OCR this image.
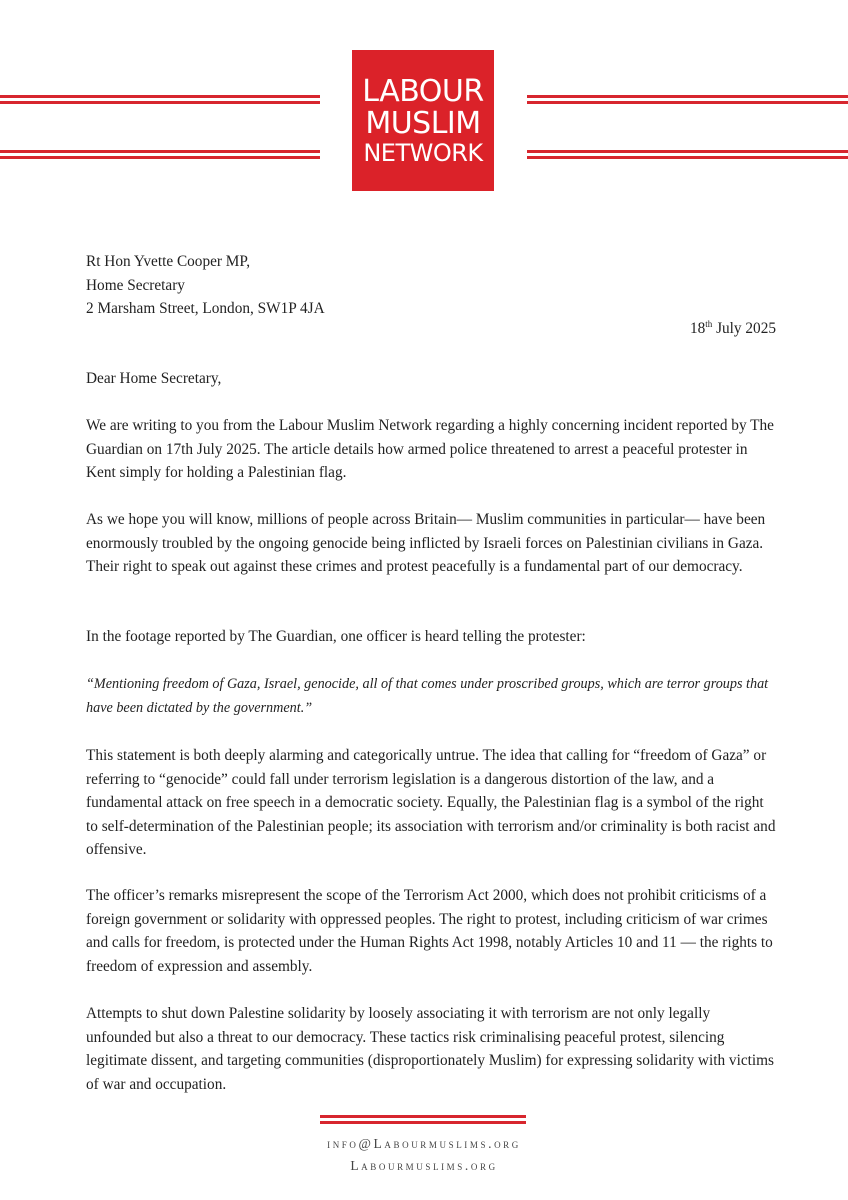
LABOUR
MUSLIM
NETWORK
Rt Hon Yvette Cooper MP,
Home Secretary
2 Marsham Street, London, SW1P 4JA
18th July 2025

Dear Home Secretary,

We are writing to you from the Labour Muslim Network regarding a highly concerning incident reported by The Guardian on 17th July 2025. The article details how armed police threatened to arrest a peaceful protester in Kent simply for holding a Palestinian flag.

As we hope you will know, millions of people across Britain— Muslim communities in particular— have been enormously troubled by the ongoing genocide being inflicted by Israeli forces on Palestinian civilians in Gaza. Their right to speak out against these crimes and protest peacefully is a fundamental part of our democracy.

In the footage reported by The Guardian, one officer is heard telling the protester:

“Mentioning freedom of Gaza, Israel, genocide, all of that comes under proscribed groups, which are terror groups that have been dictated by the government.”

This statement is both deeply alarming and categorically untrue. The idea that calling for “freedom of Gaza” or referring to “genocide” could fall under terrorism legislation is a dangerous distortion of the law, and a fundamental attack on free speech in a democratic society. Equally, the Palestinian flag is a symbol of the right to self-determination of the Palestinian people; its association with terrorism and/or criminality is both racist and offensive.

The officer’s remarks misrepresent the scope of the Terrorism Act 2000, which does not prohibit criticisms of a foreign government or solidarity with oppressed peoples. The right to protest, including criticism of war crimes and calls for freedom, is protected under the Human Rights Act 1998, notably Articles 10 and 11 — the rights to freedom of expression and assembly.

Attempts to shut down Palestine solidarity by loosely associating it with terrorism are not only legally unfounded but also a threat to our democracy. These tactics risk criminalising peaceful protest, silencing legitimate dissent, and targeting communities (disproportionately Muslim) for expressing solidarity with victims of war and occupation.

info@Labourmuslims.org
Labourmuslims.org
